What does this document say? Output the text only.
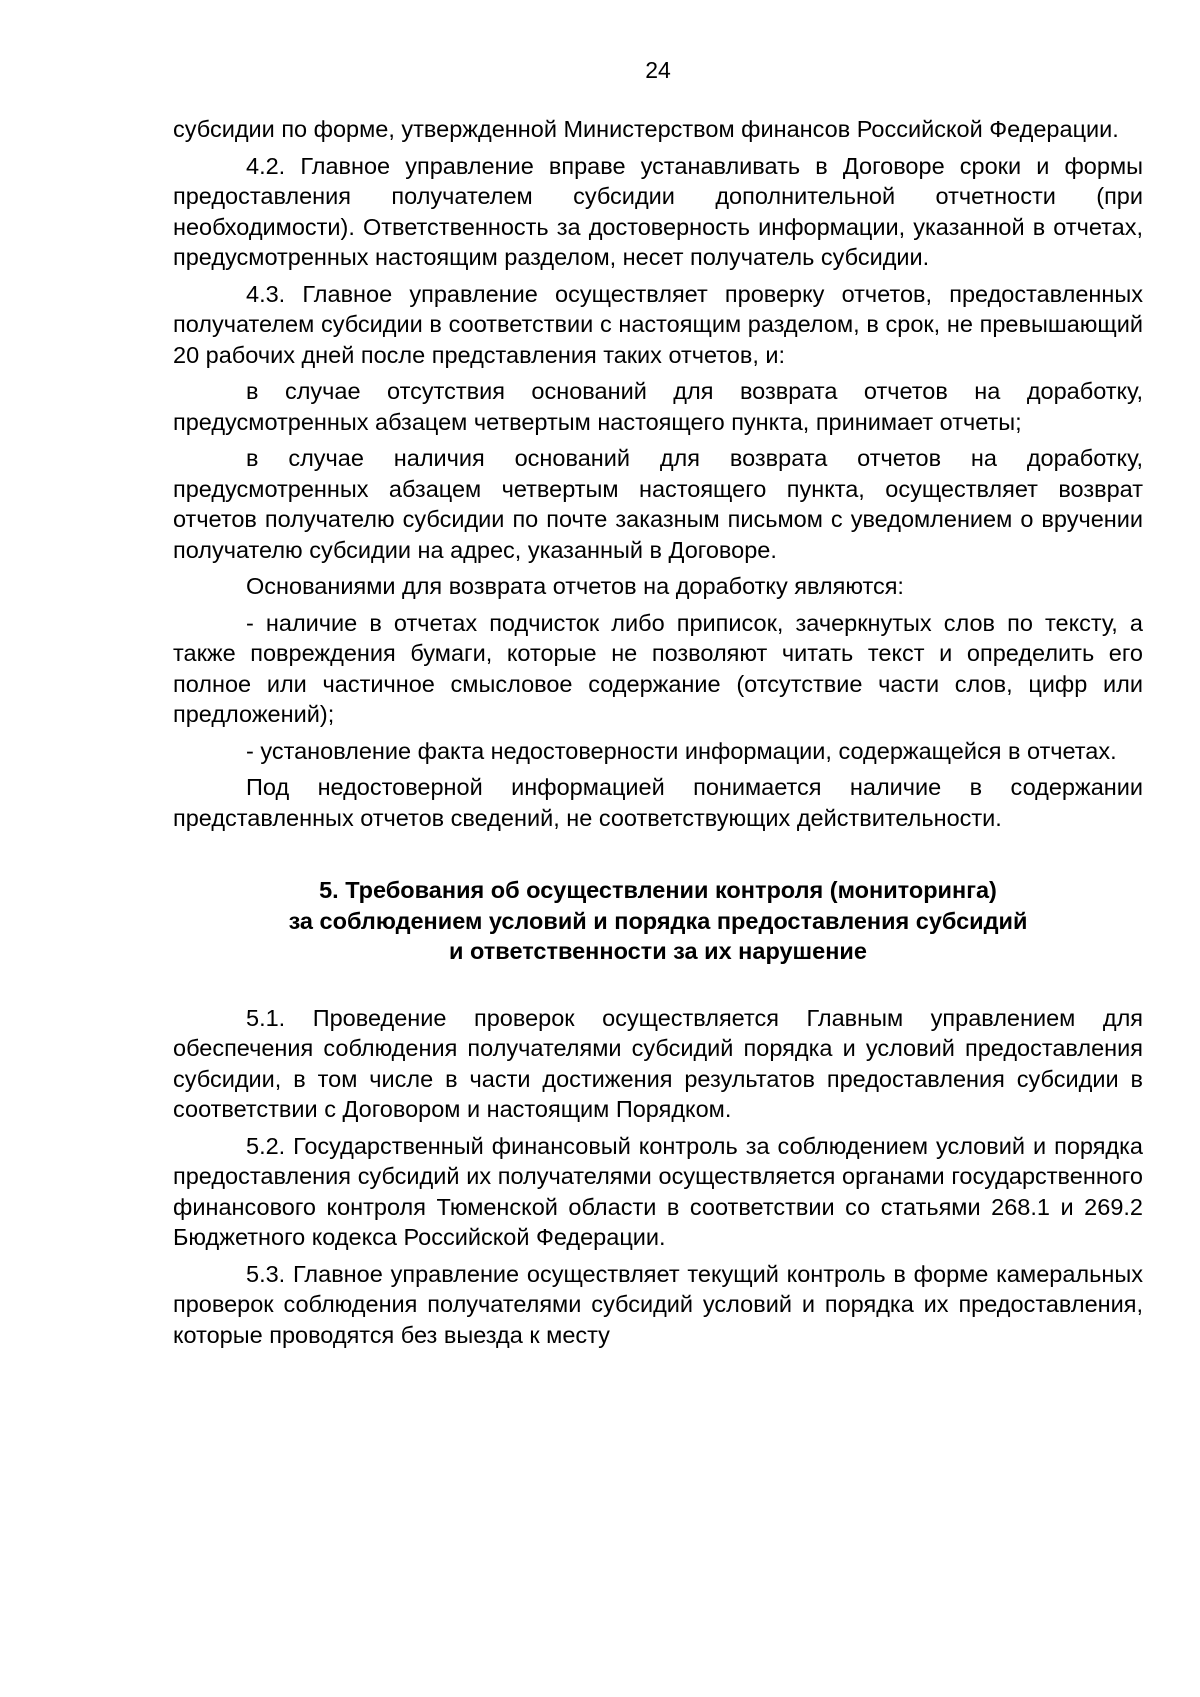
24

субсидии по форме, утвержденной Министерством финансов Российской Федерации.

4.2. Главное управление вправе устанавливать в Договоре сроки и формы предоставления получателем субсидии дополнительной отчетности (при необходимости). Ответственность за достоверность информации, указанной в отчетах, предусмотренных настоящим разделом, несет получатель субсидии.

4.3. Главное управление осуществляет проверку отчетов, предоставленных получателем субсидии в соответствии с настоящим разделом, в срок, не превышающий 20 рабочих дней после представления таких отчетов, и:

в случае отсутствия оснований для возврата отчетов на доработку, предусмотренных абзацем четвертым настоящего пункта, принимает отчеты;

в случае наличия оснований для возврата отчетов на доработку, предусмотренных абзацем четвертым настоящего пункта, осуществляет возврат отчетов получателю субсидии по почте заказным письмом с уведомлением о вручении получателю субсидии на адрес, указанный в Договоре.

Основаниями для возврата отчетов на доработку являются:

- наличие в отчетах подчисток либо приписок, зачеркнутых слов по тексту, а также повреждения бумаги, которые не позволяют читать текст и определить его полное или частичное смысловое содержание (отсутствие части слов, цифр или предложений);

- установление факта недостоверности информации, содержащейся в отчетах.

Под недостоверной информацией понимается наличие в содержании представленных отчетов сведений, не соответствующих действительности.

5. Требования об осуществлении контроля (мониторинга)
за соблюдением условий и порядка предоставления субсидий
и ответственности за их нарушение

5.1. Проведение проверок осуществляется Главным управлением для обеспечения соблюдения получателями субсидий порядка и условий предоставления субсидии, в том числе в части достижения результатов предоставления субсидии в соответствии с Договором и настоящим Порядком.

5.2. Государственный финансовый контроль за соблюдением условий и порядка предоставления субсидий их получателями осуществляется органами государственного финансового контроля Тюменской области в соответствии со статьями 268.1 и 269.2 Бюджетного кодекса Российской Федерации.

5.3. Главное управление осуществляет текущий контроль в форме камеральных проверок соблюдения получателями субсидий условий и порядка их предоставления, которые проводятся без выезда к месту
